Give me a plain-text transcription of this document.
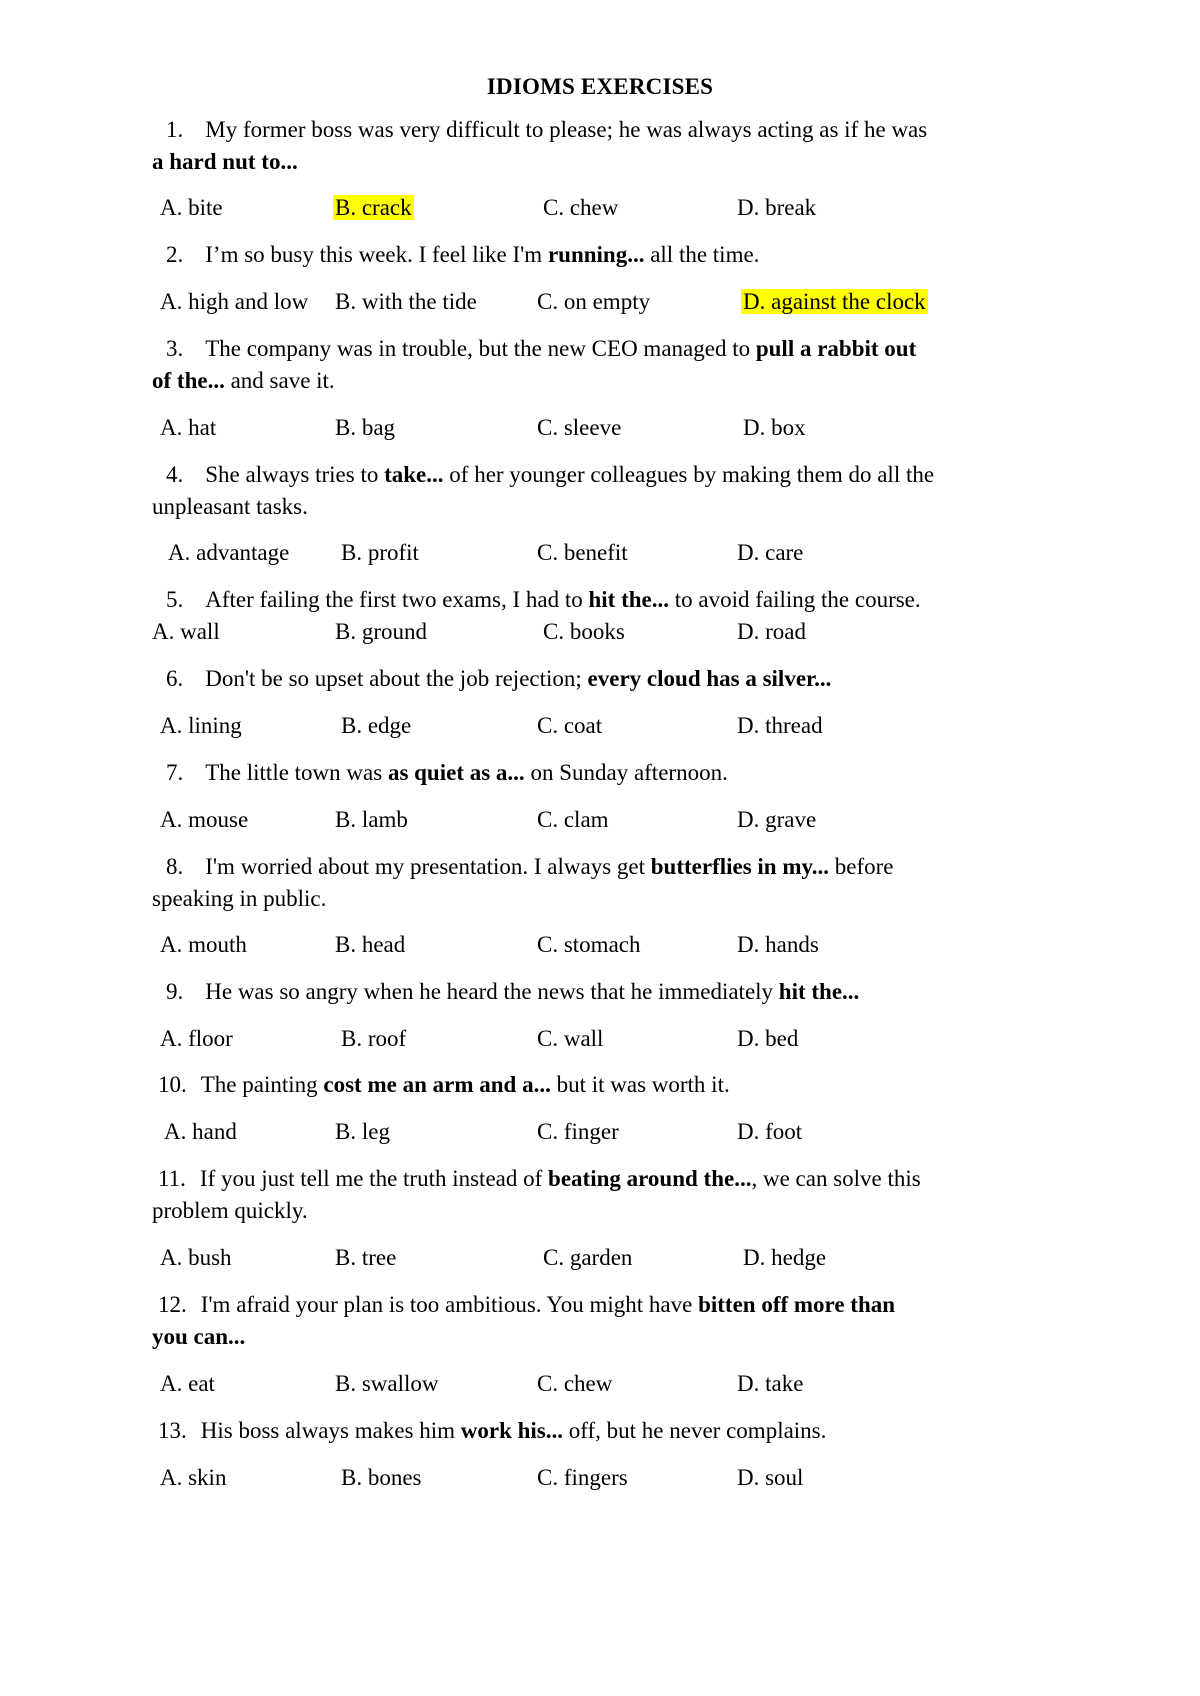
IDIOMS EXERCISES
1. My former boss was very difficult to please; he was always acting as if he was
a hard nut to...
A. bite	B. crack	C. chew	D. break
2. I’m so busy this week. I feel like I'm running... all the time.
A. high and low B. with the tide	C. on empty	D. against the clock
3. The company was in trouble, but the new CEO managed to pull a rabbit out
of the... and save it.
A. hat	B. bag	C. sleeve	D. box
4. She always tries to take... of her younger colleagues by making them do all the
unpleasant tasks.
A. advantage B. profit	C. benefit	D. care
5. After failing the first two exams, I had to hit the... to avoid failing the course.
A. wall	B. ground	C. books	D. road
6. Don't be so upset about the job rejection; every cloud has a silver...
A. lining	B. edge	C. coat	D. thread
7. The little town was as quiet as a... on Sunday afternoon.
A. mouse	B. lamb	C. clam	D. grave
8. I'm worried about my presentation. I always get butterflies in my... before
speaking in public.
A. mouth	B. head	C. stomach	D. hands
9. He was so angry when he heard the news that he immediately hit the...
A. floor	B. roof	C. wall	D. bed
10. The painting cost me an arm and a... but it was worth it.
A. hand	B. leg	C. finger	D. foot
11. If you just tell me the truth instead of beating around the..., we can solve this
problem quickly.
A. bush	B. tree	C. garden	D. hedge
12. I'm afraid your plan is too ambitious. You might have bitten off more than
you can...
A. eat	B. swallow	C. chew	D. take
13. His boss always makes him work his... off, but he never complains.
A. skin	B. bones	C. fingers	D. soul
